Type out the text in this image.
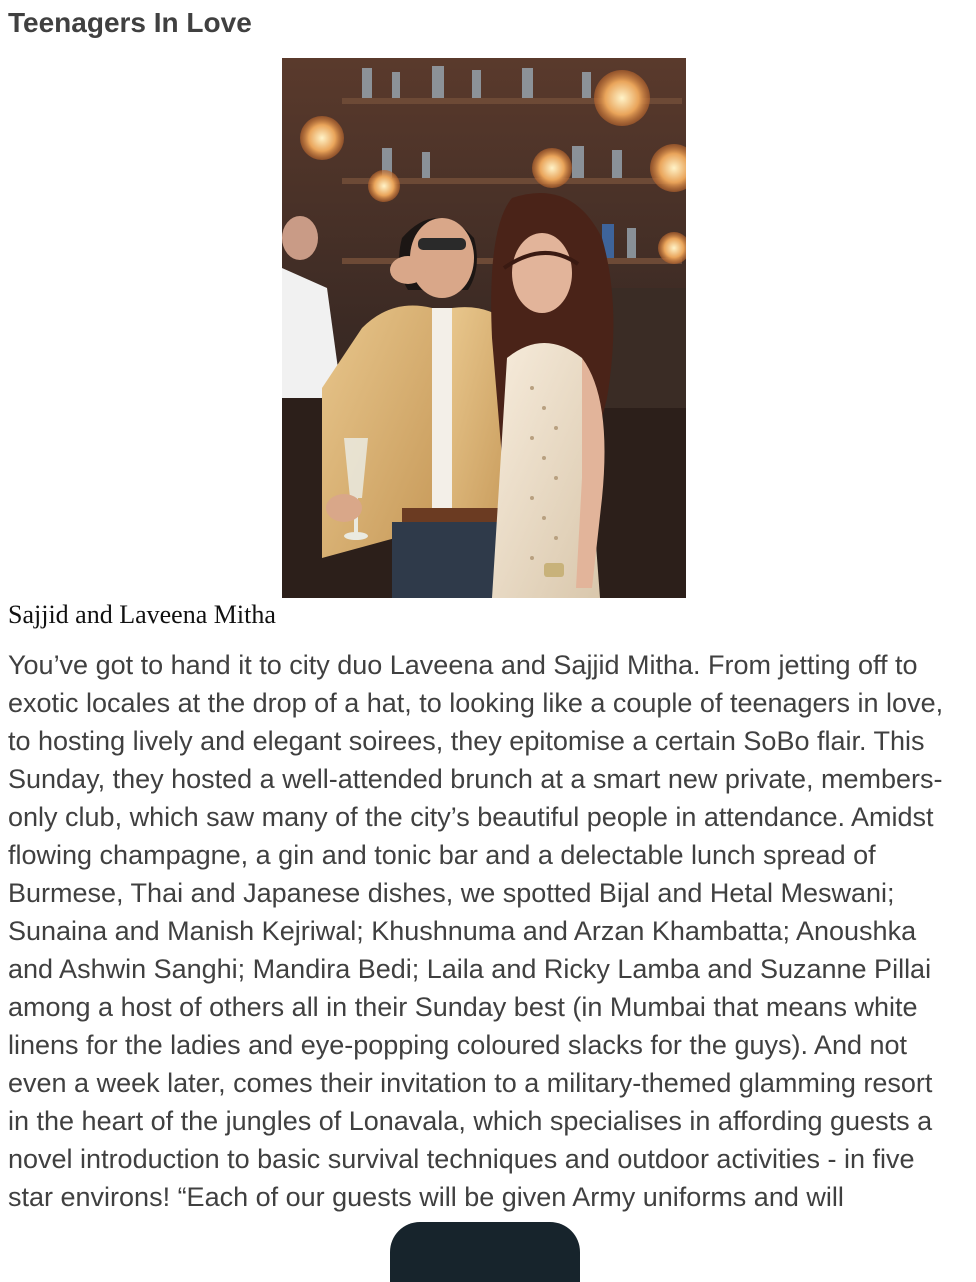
Teenagers In Love
Sajjid and Laveena Mitha

You’ve got to hand it to city duo Laveena and Sajjid Mitha. From jetting off to exotic locales at the drop of a hat, to looking like a couple of teenagers in love, to hosting lively and elegant soirees, they epitomise a certain SoBo flair. This Sunday, they hosted a well-attended brunch at a smart new private, members-only club, which saw many of the city’s beautiful people in attendance. Amidst flowing champagne, a gin and tonic bar and a delectable lunch spread of Burmese, Thai and Japanese dishes, we spotted Bijal and Hetal Meswani; Sunaina and Manish Kejriwal; Khushnuma and Arzan Khambatta; Anoushka and Ashwin Sanghi; Mandira Bedi; Laila and Ricky Lamba and Suzanne Pillai among a host of others all in their Sunday best (in Mumbai that means white linens for the ladies and eye-popping coloured slacks for the guys). And not even a week later, comes their invitation to a military-themed glamming resort in the heart of the jungles of Lonavala, which specialises in affording guests a novel introduction to basic survival techniques and outdoor activities - in five star environs! “Each of our guests will be given Army uniforms and will
